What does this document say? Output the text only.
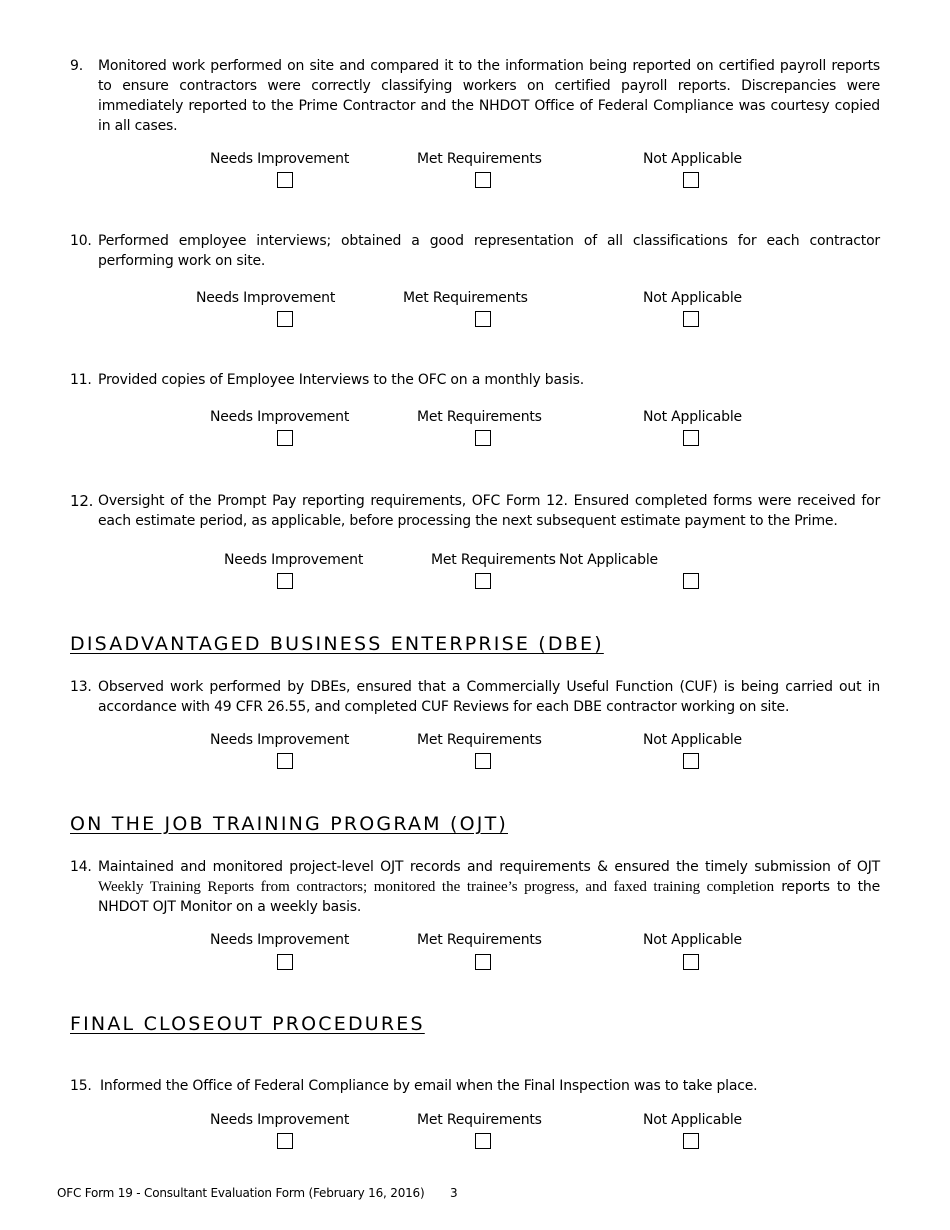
9. Monitored work performed on site and compared it to the information being reported on certified payroll reports to ensure contractors were correctly classifying workers on certified payroll reports. Discrepancies were immediately reported to the Prime Contractor and the NHDOT Office of Federal Compliance was courtesy copied in all cases.
Needs Improvement	Met Requirements	Not Applicable
10. Performed employee interviews; obtained a good representation of all classifications for each contractor performing work on site.
Needs Improvement	Met Requirements	Not Applicable
11. Provided copies of Employee Interviews to the OFC on a monthly basis.
Needs Improvement	Met Requirements	Not Applicable
12. Oversight of the Prompt Pay reporting requirements, OFC Form 12. Ensured completed forms were received for each estimate period, as applicable, before processing the next subsequent estimate payment to the Prime.
Needs Improvement	Met Requirements Not Applicable
DISADVANTAGED BUSINESS ENTERPRISE (DBE)
13. Observed work performed by DBEs, ensured that a Commercially Useful Function (CUF) is being carried out in accordance with 49 CFR 26.55, and completed CUF Reviews for each DBE contractor working on site.
Needs Improvement	Met Requirements	Not Applicable
ON THE JOB TRAINING PROGRAM (OJT)
14. Maintained and monitored project-level OJT records and requirements & ensured the timely submission of OJT Weekly Training Reports from contractors; monitored the trainee’s progress, and faxed training completion reports to the NHDOT OJT Monitor on a weekly basis.
Needs Improvement	Met Requirements	Not Applicable
FINAL CLOSEOUT PROCEDURES
15. Informed the Office of Federal Compliance by email when the Final Inspection was to take place.
Needs Improvement	Met Requirements	Not Applicable
OFC Form 19 - Consultant Evaluation Form (February 16, 2016) 3
